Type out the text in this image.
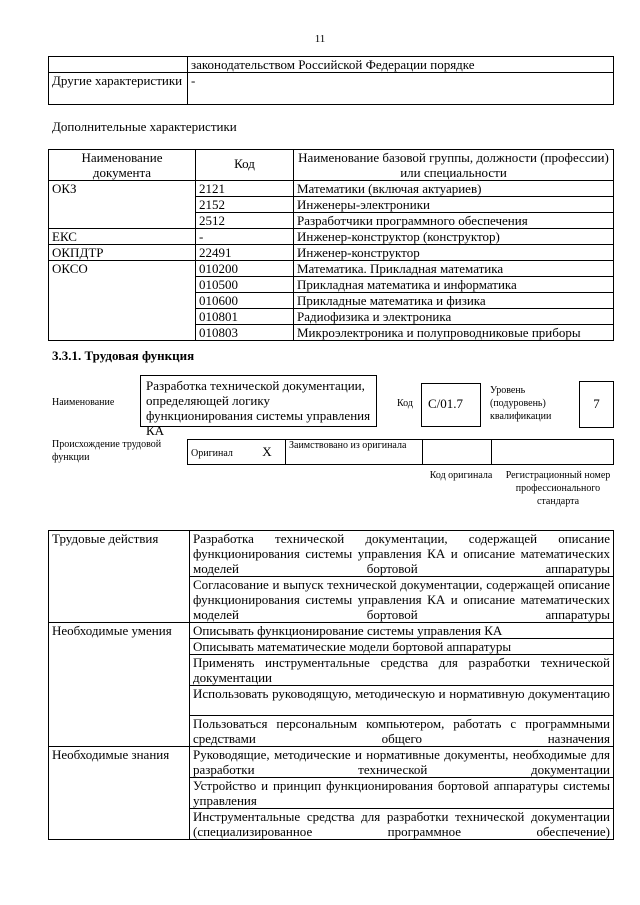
11
	законодательством Российской Федерации порядке
Другие характеристики	-
Дополнительные характеристики
Наименование документа	Код	Наименование базовой группы, должности (профессии) или специальности
ОКЗ	2121	Математики (включая актуариев)
	2152	Инженеры-электроники
	2512	Разработчики программного обеспечения
ЕКС	-	Инженер-конструктор (конструктор)
ОКПДТР	22491	Инженер-конструктор
ОКСО	010200	Математика. Прикладная математика
	010500	Прикладная математика и информатика
	010600	Прикладные математика и физика
	010801	Радиофизика и электроника
	010803	Микроэлектроника и полупроводниковые приборы
3.3.1. Трудовая функция
Наименование
Разработка технической документации, определяющей логику функционирования системы управления КА
Код	С/01.7
Уровень (подуровень) квалификации
7
Происхождение трудовой функции	Оригинал	X	Заимствовано из оригинала		
Код оригинала	Регистрационный номер профессионального стандарта
Трудовые действия	Разработка технической документации, содержащей описание функционирования системы управления КА и описание математических моделей бортовой аппаратуры
	Согласование и выпуск технической документации, содержащей описание функционирования системы управления КА и описание математических моделей бортовой аппаратуры
Необходимые умения	Описывать функционирование системы управления КА
	Описывать математические модели бортовой аппаратуры
	Применять инструментальные средства для разработки технической документации
	Использовать руководящую, методическую и нормативную документацию
	Пользоваться персональным компьютером, работать с программными средствами общего назначения
Необходимые знания	Руководящие, методические и нормативные документы, необходимые для разработки технической документации
	Устройство и принцип функционирования бортовой аппаратуры системы управления
	Инструментальные средства для разработки технической документации (специализированное программное обеспечение)
